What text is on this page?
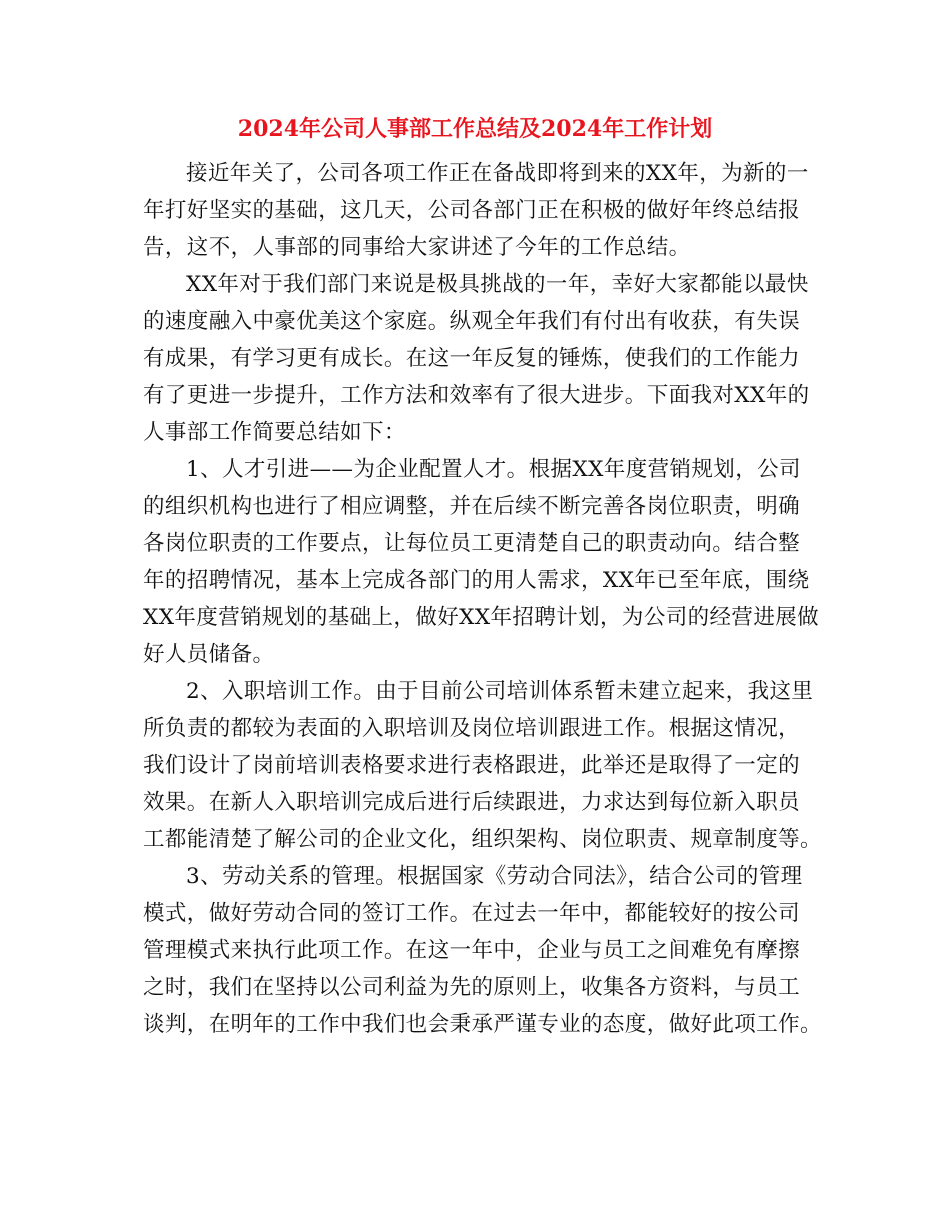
2024年公司人事部工作总结及2024年工作计划
接近年关了，公司各项工作正在备战即将到来的XX年，为新的一
年打好坚实的基础，这几天，公司各部门正在积极的做好年终总结报
告，这不，人事部的同事给大家讲述了今年的工作总结。
XX年对于我们部门来说是极具挑战的一年，幸好大家都能以最快
的速度融入中豪优美这个家庭。纵观全年我们有付出有收获，有失误
有成果，有学习更有成长。在这一年反复的锤炼，使我们的工作能力
有了更进一步提升，工作方法和效率有了很大进步。下面我对XX年的
人事部工作简要总结如下：
1、人才引进——为企业配置人才。根据XX年度营销规划，公司
的组织机构也进行了相应调整，并在后续不断完善各岗位职责，明确
各岗位职责的工作要点，让每位员工更清楚自己的职责动向。结合整
年的招聘情况，基本上完成各部门的用人需求，XX年已至年底，围绕
XX年度营销规划的基础上，做好XX年招聘计划，为公司的经营进展做
好人员储备。
2、入职培训工作。由于目前公司培训体系暂未建立起来，我这里
所负责的都较为表面的入职培训及岗位培训跟进工作。根据这情况，
我们设计了岗前培训表格要求进行表格跟进，此举还是取得了一定的
效果。在新人入职培训完成后进行后续跟进，力求达到每位新入职员
工都能清楚了解公司的企业文化，组织架构、岗位职责、规章制度等。
3、劳动关系的管理。根据国家《劳动合同法》，结合公司的管理
模式，做好劳动合同的签订工作。在过去一年中，都能较好的按公司
管理模式来执行此项工作。在这一年中，企业与员工之间难免有摩擦
之时，我们在坚持以公司利益为先的原则上，收集各方资料，与员工
谈判，在明年的工作中我们也会秉承严谨专业的态度，做好此项工作。
